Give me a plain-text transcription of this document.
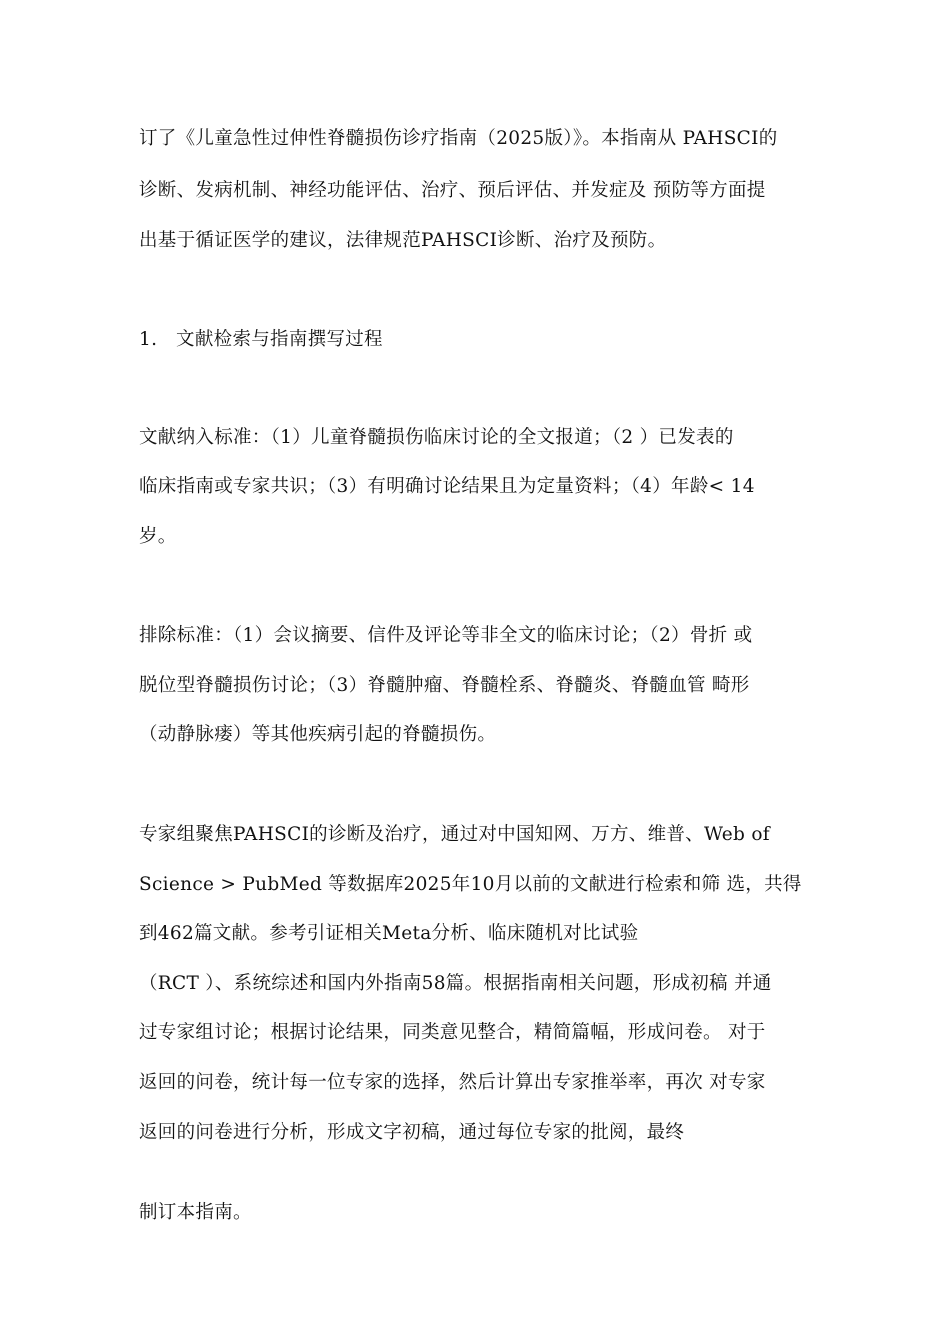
订了《儿童急性过伸性脊髓损伤诊疗指南（2025版）》。本指南从 PAHSCI的
诊断、发病机制、神经功能评估、治疗、预后评估、并发症及 预防等方面提
出基于循证医学的建议，法律规范PAHSCI诊断、治疗及预防。
1.　文献检索与指南撰写过程
文献纳入标准：（1）儿童脊髓损伤临床讨论的全文报道；（2 ）已发表的
临床指南或专家共识；（3）有明确讨论结果且为定量资料；（4）年龄< 14
岁。
排除标准：（1）会议摘要、信件及评论等非全文的临床讨论；（2）骨折 或
脱位型脊髓损伤讨论；（3）脊髓肿瘤、脊髓栓系、脊髓炎、脊髓血管 畸形
（动静脉瘘）等其他疾病引起的脊髓损伤。
专家组聚焦PAHSCI的诊断及治疗，通过对中国知网、万方、维普、Web of
Science > PubMed 等数据库2025年10月以前的文献进行检索和筛 选，共得
到462篇文献。参考引证相关Meta分析、临床随机对比试验
（RCT ）、系统综述和国内外指南58篇。根据指南相关问题，形成初稿 并通
过专家组讨论；根据讨论结果，同类意见整合，精简篇幅，形成问卷。 对于
返回的问卷，统计每一位专家的选择，然后计算出专家推举率，再次 对专家
返回的问卷进行分析，形成文字初稿，通过每位专家的批阅，最终
制订本指南。
